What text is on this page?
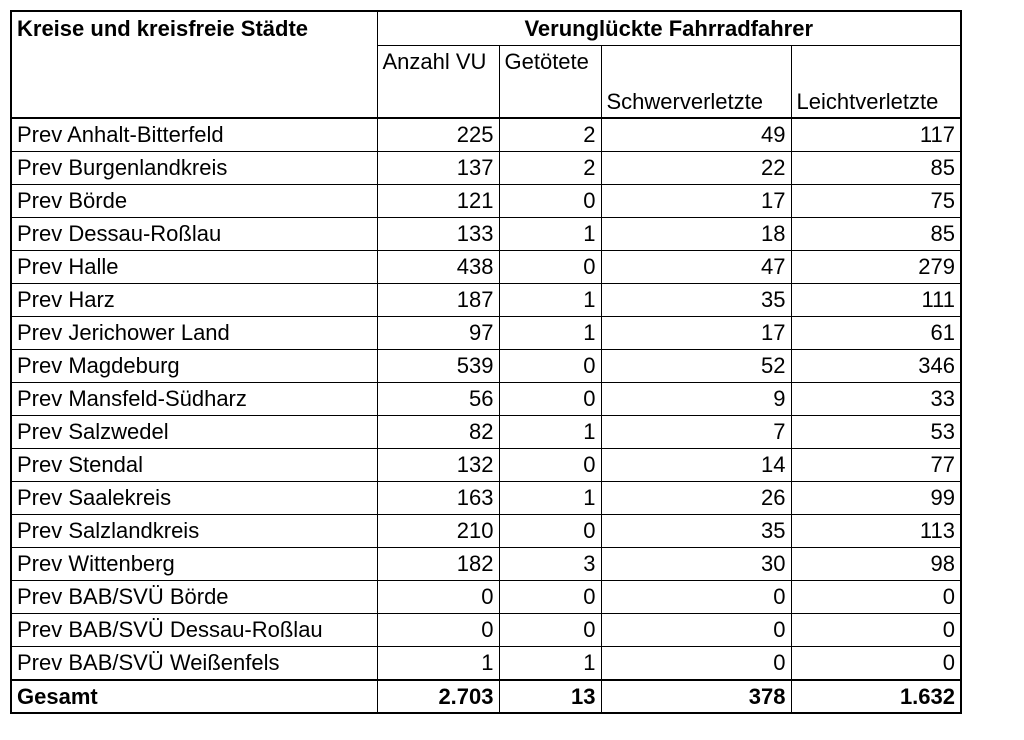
Kreise und kreisfreie Städte	Verunglückte Fahrradfahrer			
	Anzahl VU	Getötete	Schwerverletzte	Leichtverletzte
Prev Anhalt-Bitterfeld	225	2	49	117
Prev Burgenlandkreis	137	2	22	85
Prev Börde	121	0	17	75
Prev Dessau-Roßlau	133	1	18	85
Prev Halle	438	0	47	279
Prev Harz	187	1	35	111
Prev Jerichower Land	97	1	17	61
Prev Magdeburg	539	0	52	346
Prev Mansfeld-Südharz	56	0	9	33
Prev Salzwedel	82	1	7	53
Prev Stendal	132	0	14	77
Prev Saalekreis	163	1	26	99
Prev Salzlandkreis	210	0	35	113
Prev Wittenberg	182	3	30	98
Prev BAB/SVÜ Börde	0	0	0	0
Prev BAB/SVÜ Dessau-Roßlau	0	0	0	0
Prev BAB/SVÜ Weißenfels	1	1	0	0
Gesamt	2.703	13	378	1.632
